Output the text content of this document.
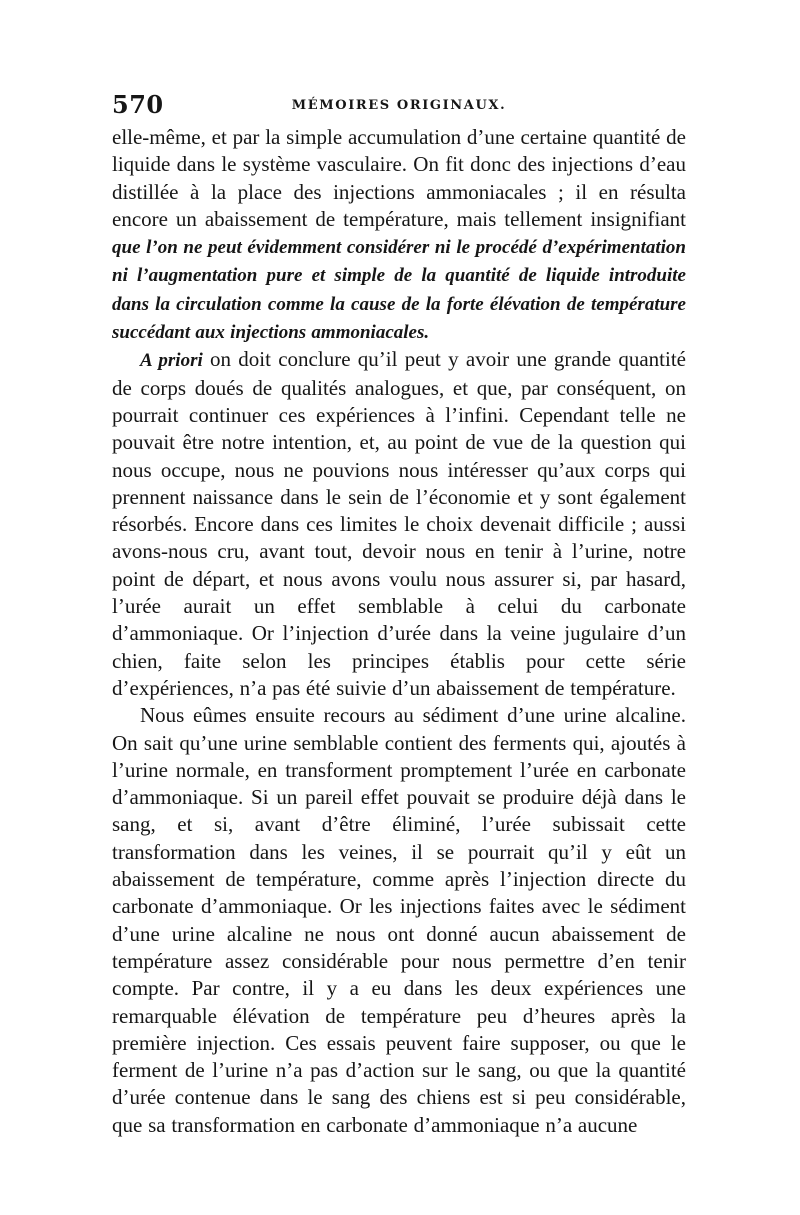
570	MÉMOIRES ORIGINAUX.

elle-même, et par la simple accumulation d’une certaine quantité de liquide dans le système vasculaire. On fit donc des injections d’eau distillée à la place des injections ammoniacales ; il en résulta encore un abaissement de température, mais tellement insignifiant que l’on ne peut évidemment considérer ni le procédé d’expérimentation ni l’augmentation pure et simple de la quantité de liquide introduite dans la circulation comme la cause de la forte élévation de température succédant aux injections ammoniacales.

A priori on doit conclure qu’il peut y avoir une grande quantité de corps doués de qualités analogues, et que, par conséquent, on pourrait continuer ces expériences à l’infini. Cependant telle ne pouvait être notre intention, et, au point de vue de la question qui nous occupe, nous ne pouvions nous intéresser qu’aux corps qui prennent naissance dans le sein de l’économie et y sont également résorbés. Encore dans ces limites le choix devenait difficile ; aussi avons-nous cru, avant tout, devoir nous en tenir à l’urine, notre point de départ, et nous avons voulu nous assurer si, par hasard, l’urée aurait un effet semblable à celui du carbonate d’ammoniaque. Or l’injection d’urée dans la veine jugulaire d’un chien, faite selon les principes établis pour cette série d’expériences, n’a pas été suivie d’un abaissement de température.

Nous eûmes ensuite recours au sédiment d’une urine alcaline. On sait qu’une urine semblable contient des ferments qui, ajoutés à l’urine normale, en transforment promptement l’urée en carbonate d’ammoniaque. Si un pareil effet pouvait se produire déjà dans le sang, et si, avant d’être éliminé, l’urée subissait cette transformation dans les veines, il se pourrait qu’il y eût un abaissement de température, comme après l’injection directe du carbonate d’ammoniaque. Or les injections faites avec le sédiment d’une urine alcaline ne nous ont donné aucun abaissement de température assez considérable pour nous permettre d’en tenir compte. Par contre, il y a eu dans les deux expériences une remarquable élévation de température peu d’heures après la première injection. Ces essais peuvent faire supposer, ou que le ferment de l’urine n’a pas d’action sur le sang, ou que la quantité d’urée contenue dans le sang des chiens est si peu considérable, que sa transformation en carbonate d’ammoniaque n’a aucune
